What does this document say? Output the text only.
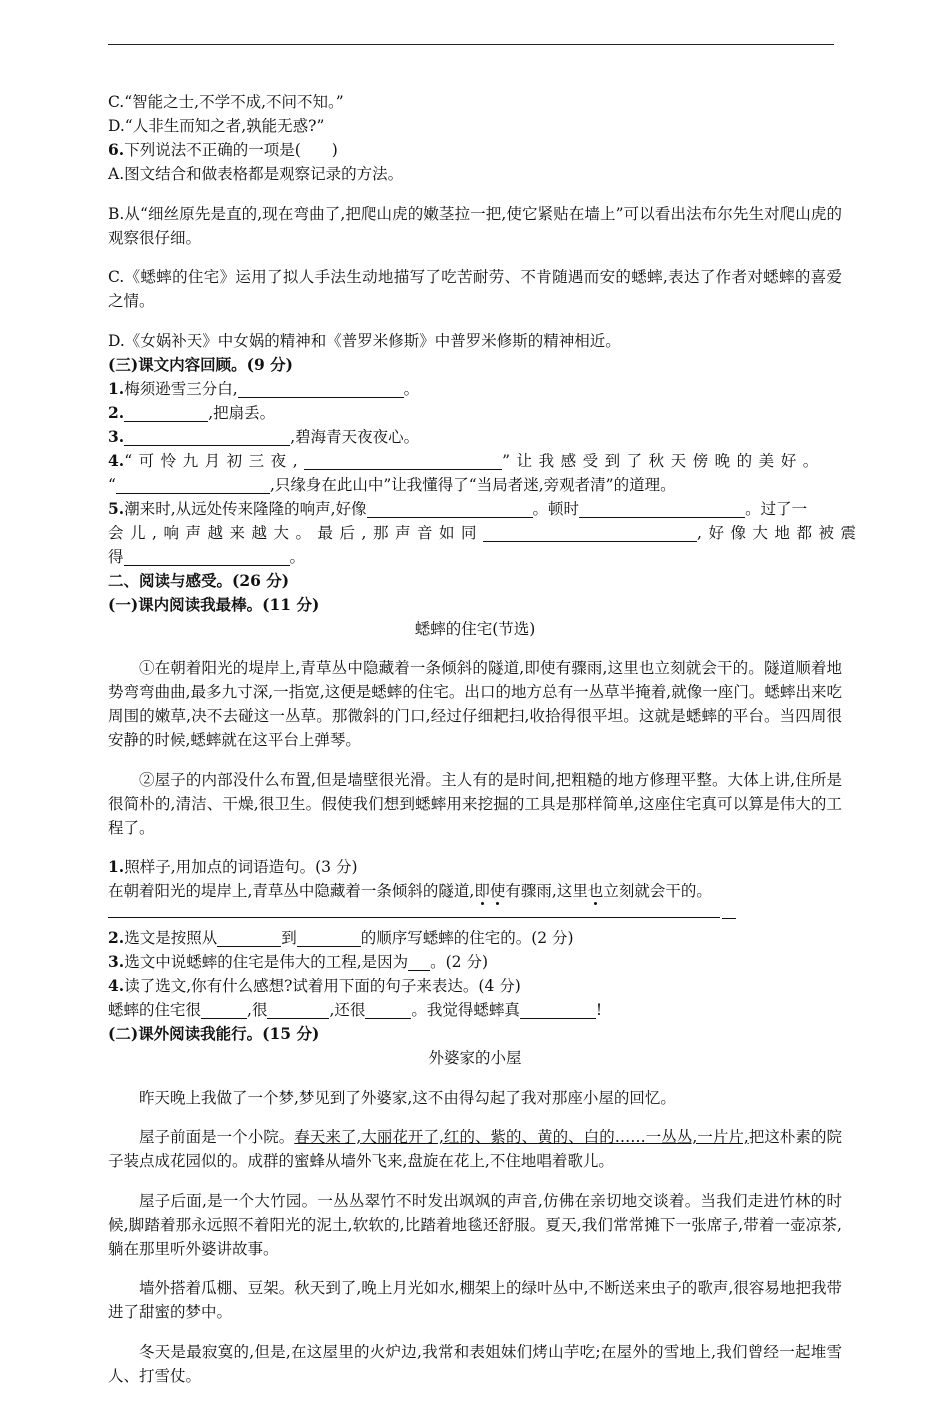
C.“智能之士,不学不成,不问不知。”

D.“人非生而知之者,孰能无惑?”

6.下列说法不正确的一项是(　　)

A.图文结合和做表格都是观察记录的方法。

B.从“细丝原先是直的,现在弯曲了,把爬山虎的嫩茎拉一把,使它紧贴在墙上”可以看出法布尔先生对爬山虎的观察很仔细。

C.《蟋蟀的住宅》运用了拟人手法生动地描写了吃苦耐劳、不肯随遇而安的蟋蟀,表达了作者对蟋蟀的喜爱之情。

D.《女娲补天》中女娲的精神和《普罗米修斯》中普罗米修斯的精神相近。

(三)课文内容回顾。(9 分)

1.梅须逊雪三分白,	。

2.	,把扇丢。

3.	,碧海青天夜夜心。

4.“可怜九月初三夜,	”让我感受到了秋天傍晚的美好。

“	,只缘身在此山中”让我懂得了“当局者迷,旁观者清”的道理。

5.潮来时,从远处传来隆隆的响声,好像	。顿时	。过了一

会儿,响声越来越大。最后,那声音如同	,好像大地都被震

得	。

二、阅读与感受。(26 分)

(一)课内阅读我最棒。(11 分)

蟋蟀的住宅(节选)

①在朝着阳光的堤岸上,青草丛中隐藏着一条倾斜的隧道,即使有骤雨,这里也立刻就会干的。隧道顺着地势弯弯曲曲,最多九寸深,一指宽,这便是蟋蟀的住宅。出口的地方总有一丛草半掩着,就像一座门。蟋蟀出来吃周围的嫩草,决不去碰这一丛草。那微斜的门口,经过仔细耙扫,收拾得很平坦。这就是蟋蟀的平台。当四周很安静的时候,蟋蟀就在这平台上弹琴。

②屋子的内部没什么布置,但是墙壁很光滑。主人有的是时间,把粗糙的地方修理平整。大体上讲,住所是很简朴的,清洁、干燥,很卫生。假使我们想到蟋蟀用来挖掘的工具是那样简单,这座住宅真可以算是伟大的工程了。

1.照样子,用加点的词语造句。(3 分)

在朝着阳光的堤岸上,青草丛中隐藏着一条倾斜的隧道,即使有骤雨,这里也立刻就会干的。

2.选文是按照从	到	的顺序写蟋蟀的住宅的。(2 分)

3.选文中说蟋蟀的住宅是伟大的工程,是因为 。(2 分)

4.读了选文,你有什么感想?试着用下面的句子来表达。(4 分)

蟋蟀的住宅很	,很	,还很	。我觉得蟋蟀真	!

(二)课外阅读我能行。(15 分)

外婆家的小屋

昨天晚上我做了一个梦,梦见到了外婆家,这不由得勾起了我对那座小屋的回忆。

屋子前面是一个小院。春天来了,大丽花开了,红的、紫的、黄的、白的……一丛丛,一片片,把这朴素的院子装点成花园似的。成群的蜜蜂从墙外飞来,盘旋在花上,不住地唱着歌儿。

屋子后面,是一个大竹园。一丛丛翠竹不时发出飒飒的声音,仿佛在亲切地交谈着。当我们走进竹林的时候,脚踏着那永远照不着阳光的泥土,软软的,比踏着地毯还舒服。夏天,我们常常摊下一张席子,带着一壶凉茶,躺在那里听外婆讲故事。

墙外搭着瓜棚、豆架。秋天到了,晚上月光如水,棚架上的绿叶丛中,不断送来虫子的歌声,很容易地把我带进了甜蜜的梦中。

冬天是最寂寞的,但是,在这屋里的火炉边,我常和表姐妹们烤山芋吃;在屋外的雪地上,我们曾经一起堆雪人、打雪仗。
